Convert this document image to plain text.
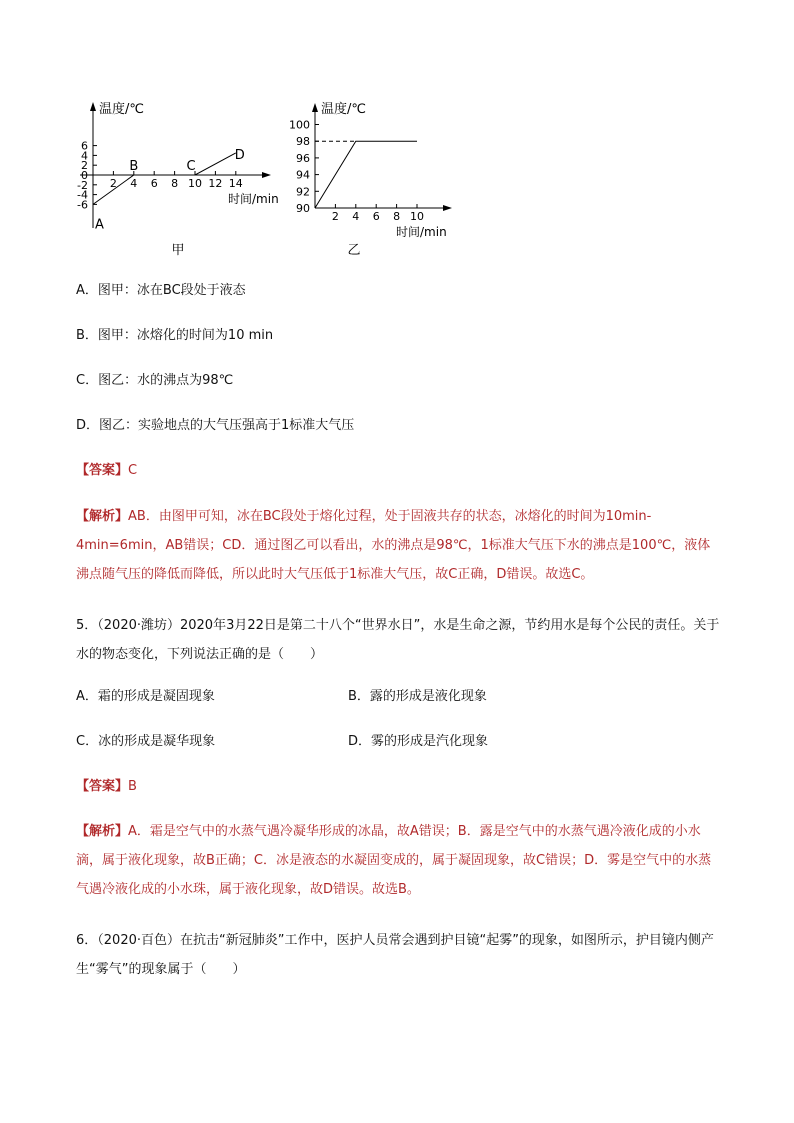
温度/℃
时间/min
6
4
2
0
-2
-4
-6
2 4 6 8 10 12 14
A
B	C
D
甲
温度/℃
时间/min
100
98
96
94
92
90
2 4 6 8 10
乙
A．图甲：冰在BC段处于液态
B．图甲：冰熔化的时间为10 min
C．图乙：水的沸点为98℃
D．图乙：实验地点的大气压强高于1标准大气压
【答案】C
【解析】AB．由图甲可知，冰在BC段处于熔化过程，处于固液共存的状态，冰熔化的时间为10min-4min=6min，AB错误；CD．通过图乙可以看出，水的沸点是98℃，1标准大气压下水的沸点是100℃，液体沸点随气压的降低而降低，所以此时大气压低于1标准大气压，故C正确，D错误。故选C。
5．（2020·潍坊）2020年3月22日是第二十八个“世界水日”，水是生命之源，节约用水是每个公民的责任。关于水的物态变化，下列说法正确的是（　　）
A．霜的形成是凝固现象	B．露的形成是液化现象
C．冰的形成是凝华现象	D．雾的形成是汽化现象
【答案】B
【解析】A．霜是空气中的水蒸气遇冷凝华形成的冰晶，故A错误；B．露是空气中的水蒸气遇冷液化成的小水滴，属于液化现象，故B正确；C．冰是液态的水凝固变成的，属于凝固现象，故C错误；D．雾是空气中的水蒸气遇冷液化成的小水珠，属于液化现象，故D错误。故选B。
6．（2020·百色）在抗击“新冠肺炎”工作中，医护人员常会遇到护目镜“起雾”的现象，如图所示，护目镜内侧产生“雾气”的现象属于（　　）
